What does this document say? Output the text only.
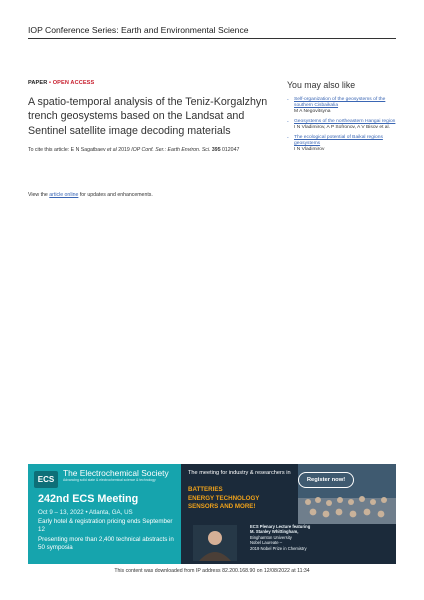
IOP Conference Series: Earth and Environmental Science
PAPER • OPEN ACCESS
A spatio-temporal analysis of the Teniz-Korgalzhyn trench geosystems based on the Landsat and Sentinel satellite image decoding materials
To cite this article: E N Sagatbaev et al 2019 IOP Conf. Ser.: Earth Environ. Sci. 395 012047
View the article online for updates and enhancements.
You may also like
- Self-organization of the geosystems of the southern Cisbaikalia
M A Negovitsyna
- Geosystems of the northeastern Hangai region
I N Vladimirov, A P Sofronov, A V Bisov et al.
- The ecological potential of Baikal regions geosystems
I N Vladimirov
ECS
The Electrochemical Society
Advancing solid state & electrochemical science & technology
242nd ECS Meeting
Oct 9 – 13, 2022 • Atlanta, GA, US
Early hotel & registration pricing ends September 12
Presenting more than 2,400 technical abstracts in 50 symposia
The meeting for industry & researchers in
BATTERIES
ENERGY TECHNOLOGY
SENSORS AND MORE!
Register now!
ECS Plenary Lecture featuring
M. Stanley Whittingham,
Binghamton University
Nobel Laureate –
2019 Nobel Prize in Chemistry
This content was downloaded from IP address 82.200.168.90 on 12/08/2022 at 11:34
